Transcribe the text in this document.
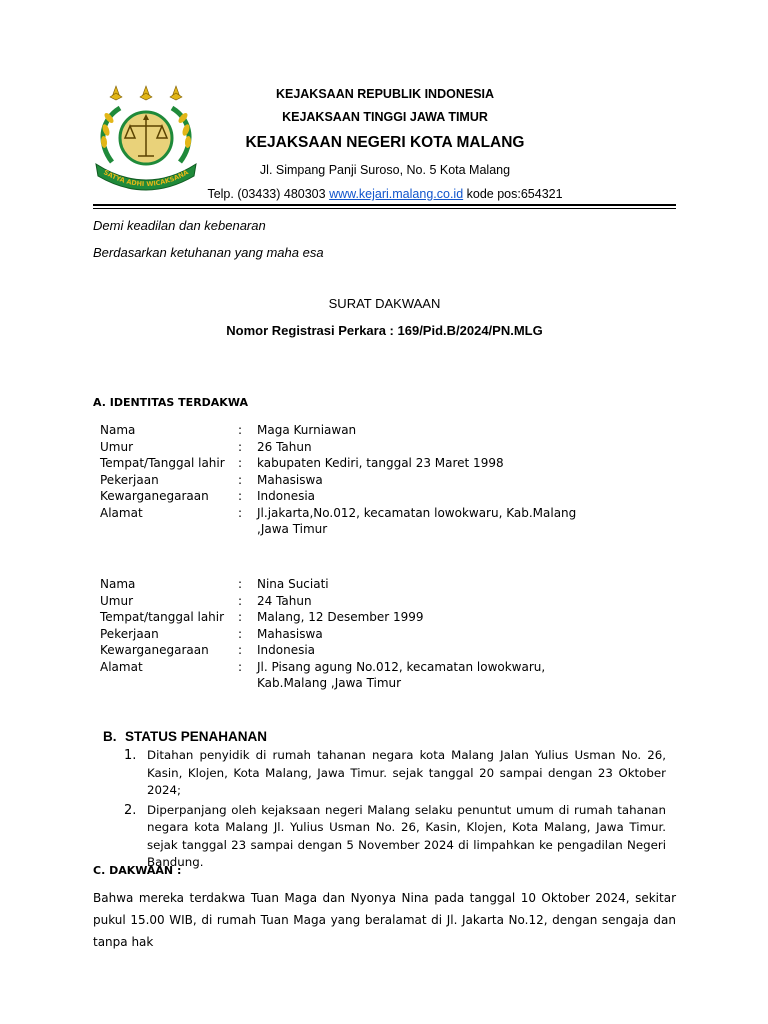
SATYA ADHI WICAKSANA
KEJAKSAAN REPUBLIK INDONESIA
KEJAKSAAN TINGGI JAWA TIMUR
KEJAKSAAN NEGERI KOTA MALANG
Jl. Simpang Panji Suroso, No. 5 Kota Malang
Telp. (03433) 480303 www.kejari.malang.co.id kode pos:654321
Demi keadilan dan kebenaran
Berdasarkan ketuhanan yang maha esa
SURAT DAKWAAN
Nomor Registrasi Perkara : 169/Pid.B/2024/PN.MLG
A. IDENTITAS TERDAKWA
Nama	:	Maga Kurniawan
Umur	:	26 Tahun
Tempat/Tanggal lahir	:	kabupaten Kediri, tanggal 23 Maret 1998
Pekerjaan	:	Mahasiswa
Kewarganegaraan	:	Indonesia
Alamat	:	Jl.jakarta,No.012, kecamatan lowokwaru, Kab.Malang ,Jawa Timur
Nama	:	Nina Suciati
Umur	:	24 Tahun
Tempat/tanggal lahir	:	Malang, 12 Desember 1999
Pekerjaan	:	Mahasiswa
Kewarganegaraan	:	Indonesia
Alamat	:	Jl. Pisang agung No.012, kecamatan lowokwaru, Kab.Malang ,Jawa Timur
B. STATUS PENAHANAN
1. Ditahan penyidik di rumah tahanan negara kota Malang Jalan Yulius Usman No. 26, Kasin, Klojen, Kota Malang, Jawa Timur. sejak tanggal 20 sampai dengan 23 Oktober 2024;
2. Diperpanjang oleh kejaksaan negeri Malang selaku penuntut umum di rumah tahanan negara kota Malang Jl. Yulius Usman No. 26, Kasin, Klojen, Kota Malang, Jawa Timur. sejak tanggal 23 sampai dengan 5 November 2024 di limpahkan ke pengadilan Negeri Bandung.
C. DAKWAAN :
Bahwa mereka terdakwa Tuan Maga dan Nyonya Nina pada tanggal 10 Oktober 2024, sekitar pukul 15.00 WIB, di rumah Tuan Maga yang beralamat di Jl. Jakarta No.12, dengan sengaja dan tanpa hak
